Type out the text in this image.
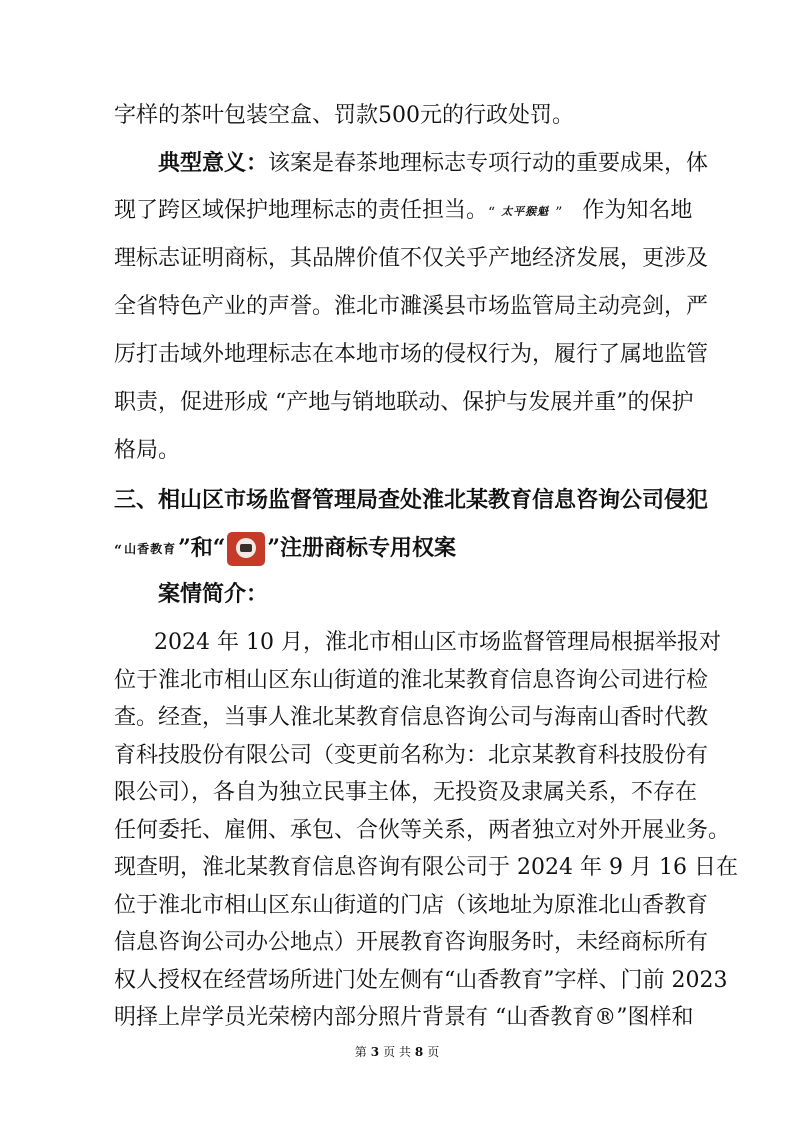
字样的茶叶包装空盒、罚款500元的行政处罚。
典型意义：该案是春茶地理标志专项行动的重要成果，体
现了跨区域保护地理标志的责任担当。“ 太平猴魁 ” 作为知名地
理标志证明商标，其品牌价值不仅关乎产地经济发展，更涉及
全省特色产业的声誉。淮北市濉溪县市场监管局主动亮剑，严
厉打击域外地理标志在本地市场的侵权行为，履行了属地监管
职责，促进形成 “产地与销地联动、保护与发展并重”的保护
格局。
三、相山区市场监督管理局查处淮北某教育信息咨询公司侵犯
“ 山香教育”和“ ”注册商标专用权案
案情简介：
2024 年 10 月，淮北市相山区市场监督管理局根据举报对
位于淮北市相山区东山街道的淮北某教育信息咨询公司进行检
查。经查，当事人淮北某教育信息咨询公司与海南山香时代教
育科技股份有限公司（变更前名称为：北京某教育科技股份有
限公司），各自为独立民事主体，无投资及隶属关系，不存在
任何委托、雇佣、承包、合伙等关系，两者独立对外开展业务。
现查明，淮北某教育信息咨询有限公司于 2024 年 9 月 16 日在
位于淮北市相山区东山街道的门店（该地址为原淮北山香教育
第 3 页 共 8 页
信息咨询公司办公地点）开展教育咨询服务时，未经商标所有
权人授权在经营场所进门处左侧有“山香教育”字样、门前 2023
明择上岸学员光荣榜内部分照片背景有 “山香教育®”图样和
